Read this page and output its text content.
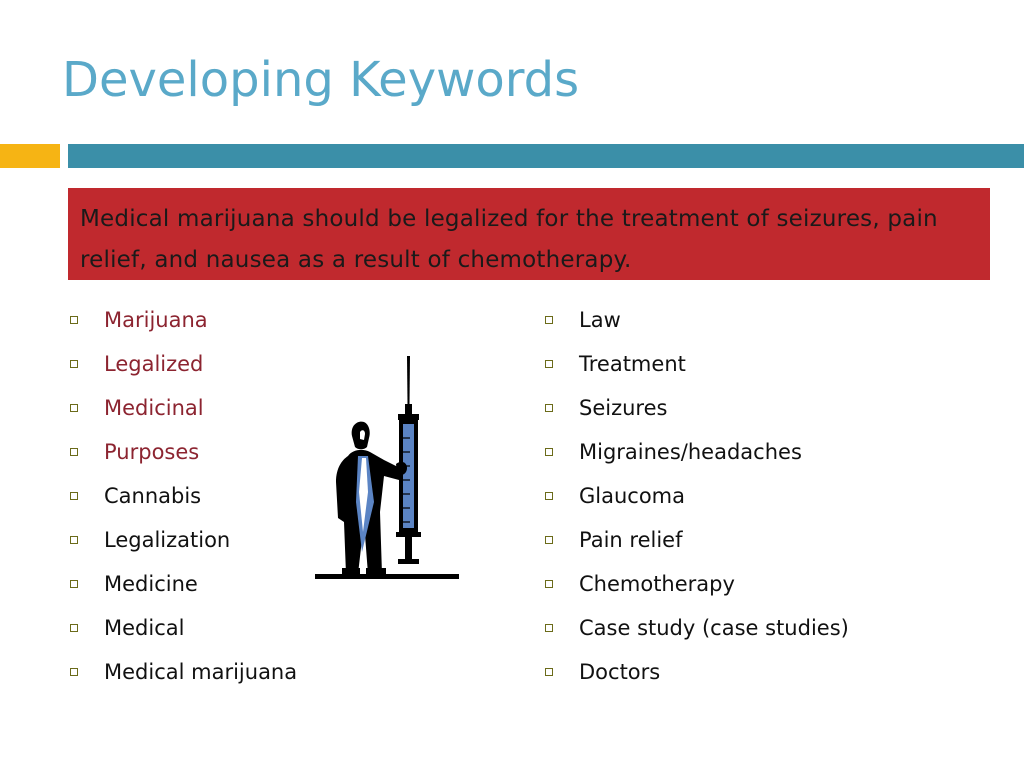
Developing Keywords
Medical marijuana should be legalized for the treatment of seizures, pain relief, and nausea as a result of chemotherapy.
Marijuana
Legalized
Medicinal
Purposes
Cannabis
Legalization
Medicine
Medical
Medical marijuana
Law
Treatment
Seizures
Migraines/headaches
Glaucoma
Pain relief
Chemotherapy
Case study (case studies)
Doctors
